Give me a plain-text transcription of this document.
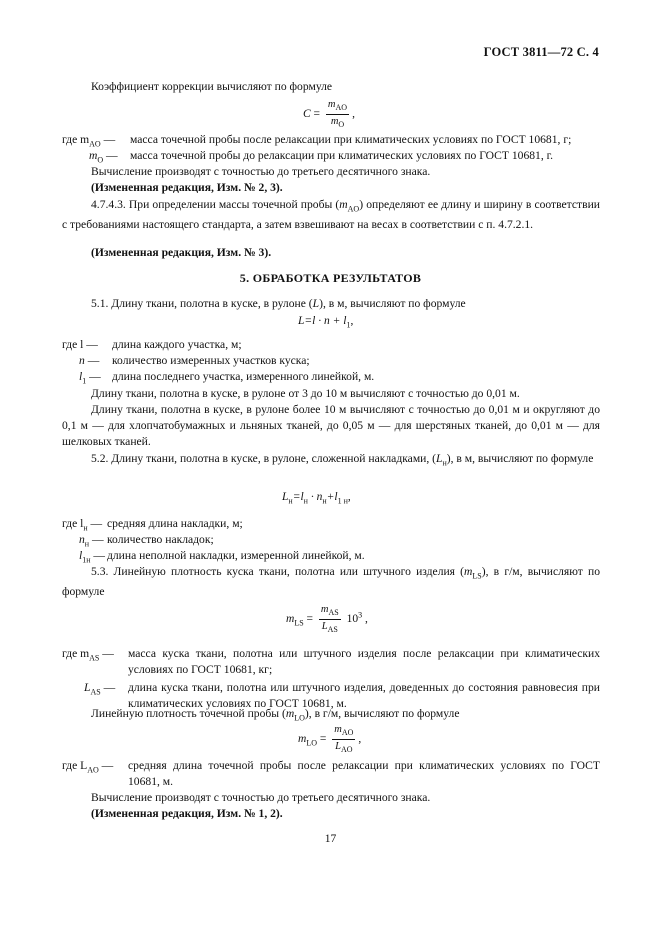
ГОСТ 3811—72 С. 4
Коэффициент коррекции вычисляют по формуле
$C = \frac{m_{AO}}{m_O}$ ,
где $m_{AO}$ — масса точечной пробы после релаксации при климатических условиях по ГОСТ 10681, г;
$m_O$ — масса точечной пробы до релаксации при климатических условиях по ГОСТ 10681, г.
Вычисление производят с точностью до третьего десятичного знака.
(Измененная редакция, Изм. № 2, 3).
4.7.4.3. При определении массы точечной пробы $(m_{AO})$ определяют ее длину и ширину в соответствии с требованиями настоящего стандарта, а затем взвешивают на весах в соответствии с п. 4.7.2.1.
(Измененная редакция, Изм. № 3).
5. ОБРАБОТКА РЕЗУЛЬТАТОВ
5.1. Длину ткани, полотна в куске, в рулоне (L), в м, вычисляют по формуле
$L=l \cdot n + l_1$,
где l — длина каждого участка, м;
n — количество измеренных участков куска;
$l_1$ — длина последнего участка, измеренного линейкой, м.
Длину ткани, полотна в куске, в рулоне от 3 до 10 м вычисляют с точностью до 0,01 м.
Длину ткани, полотна в куске, в рулоне более 10 м вычисляют с точностью до 0,01 м и округляют до 0,1 м — для хлопчатобумажных и льняных тканей, до 0,05 м — для шерстяных тканей, до 0,01 м — для шелковых тканей.
5.2. Длину ткани, полотна в куске, в рулоне, сложенной накладками, $(L_н)$, в м, вычисляют по формуле
$L_н=l_н \cdot n_н+l_{1 н}$,
где $l_н$ — средняя длина накладки, м;
$n_н$ — количество накладок;
$l_{1н}$ — длина неполной накладки, измеренной линейкой, м.
5.3. Линейную плотность куска ткани, полотна или штучного изделия $(m_{LS})$, в г/м, вычисляют по формуле
$m_{LS} = \frac{m_{AS}}{L_{AS}} 10^3$ ,
где $m_{AS}$ — масса куска ткани, полотна или штучного изделия после релаксации при климатических условиях по ГОСТ 10681, кг;
$L_{AS}$ — длина куска ткани, полотна или штучного изделия, доведенных до состояния равновесия при климатических условиях по ГОСТ 10681, м.
Линейную плотность точечной пробы $(m_{LO})$, в г/м, вычисляют по формуле
$m_{LO} = \frac{m_{AO}}{L_{AO}}$ ,
где $L_{AO}$ — средняя длина точечной пробы после релаксации при климатических условиях по ГОСТ 10681, м.
Вычисление производят с точностью до третьего десятичного знака.
(Измененная редакция, Изм. № 1, 2).
17
